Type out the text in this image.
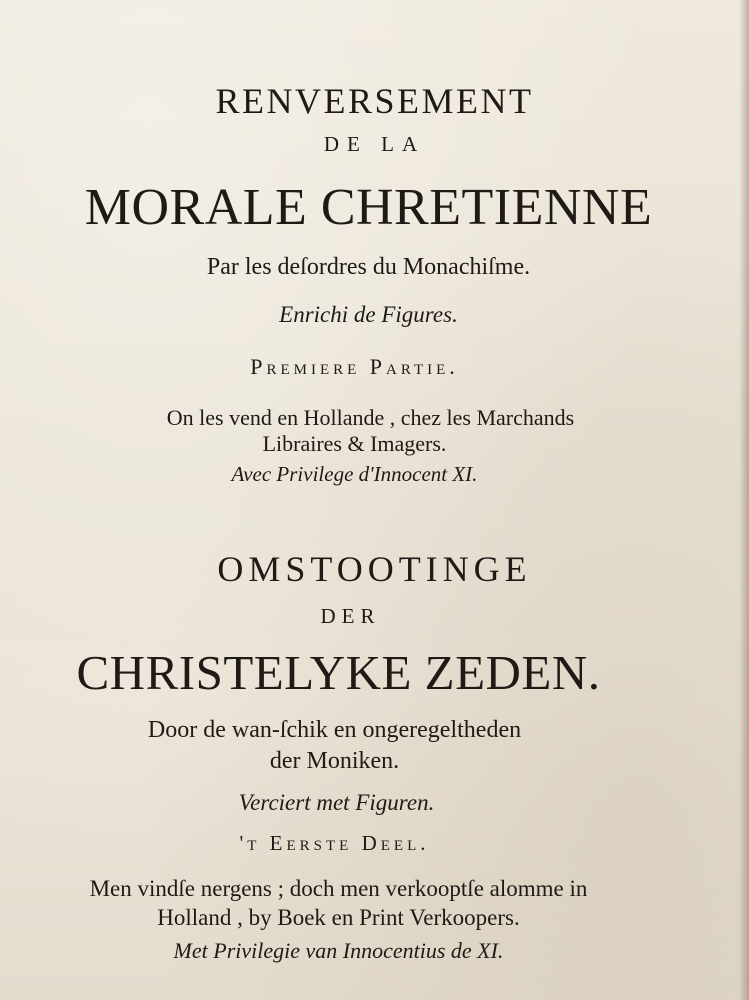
RENVERSEMENT
DE LA
MORALE CHRETIENNE
Par les deſordres du Monachiſme.
Enrichi de Figures.
Premiere Partie.
On les vend en Hollande , chez les Marchands
Libraires & Imagers.
Avec Privilege d'Innocent XI.
OMSTOOTINGE
DER
CHRISTELYKE ZEDEN.
Door de wan-ſchik en ongeregeltheden
der Moniken.
Verciert met Figuren.
't Eerste Deel.
Men vindſe nergens ; doch men verkooptſe alomme in
Holland , by Boek en Print Verkoopers.
Met Privilegie van Innocentius de XI.
